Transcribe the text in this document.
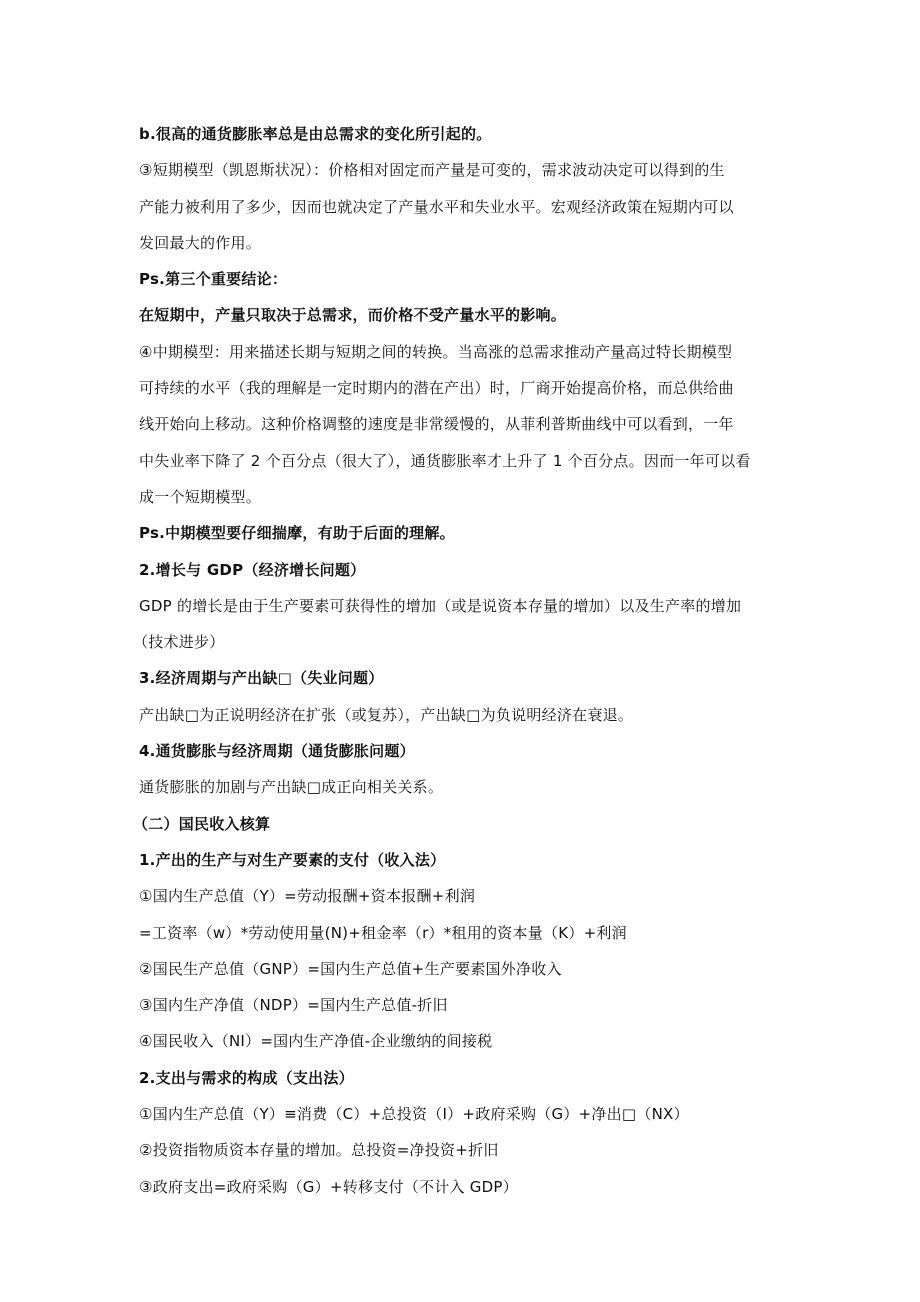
b.很高的通货膨胀率总是由总需求的变化所引起的。
③短期模型（凯恩斯状况）：价格相对固定而产量是可变的，需求波动决定可以得到的生
产能力被利用了多少，因而也就决定了产量水平和失业水平。宏观经济政策在短期内可以
发回最大的作用。
Ps.第三个重要结论：
在短期中，产量只取决于总需求，而价格不受产量水平的影响。
④中期模型：用来描述长期与短期之间的转换。当高涨的总需求推动产量高过特长期模型
可持续的水平（我的理解是一定时期内的潜在产出）时，厂商开始提高价格，而总供给曲
线开始向上移动。这种价格调整的速度是非常缓慢的，从菲利普斯曲线中可以看到，一年
中失业率下降了 2 个百分点（很大了），通货膨胀率才上升了 1 个百分点。因而一年可以看
成一个短期模型。
Ps.中期模型要仔细揣摩，有助于后面的理解。
2.增长与 GDP（经济增长问题）
GDP 的增长是由于生产要素可获得性的增加（或是说资本存量的增加）以及生产率的增加
（技术进步）
3.经济周期与产出缺□（失业问题）
产出缺□为正说明经济在扩张（或复苏），产出缺□为负说明经济在衰退。
4.通货膨胀与经济周期（通货膨胀问题）
通货膨胀的加剧与产出缺□成正向相关关系。
（二）国民收入核算
1.产出的生产与对生产要素的支付（收入法）
①国内生产总值（Y）=劳动报酬+资本报酬+利润
=工资率（w）*劳动使用量(N)+租金率（r）*租用的资本量（K）+利润
②国民生产总值（GNP）=国内生产总值+生产要素国外净收入
③国内生产净值（NDP）=国内生产总值-折旧
④国民收入（NI）=国内生产净值-企业缴纳的间接税
2.支出与需求的构成（支出法）
①国内生产总值（Y）≡消费（C）+总投资（I）+政府采购（G）+净出□（NX）
②投资指物质资本存量的增加。总投资=净投资+折旧
③政府支出=政府采购（G）+转移支付（不计入 GDP）
